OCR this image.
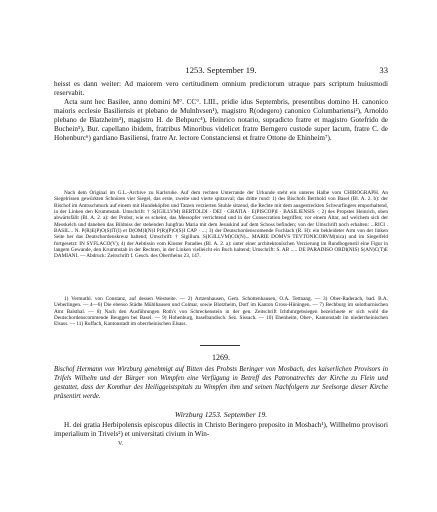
1253. September 19.	33

heisst es dann weiter: Ad maiorem vero certitudinem omnium predictorum utraque pars scriptum huiusmodi reservabit.

Acta sunt hec Basilee, anno domini M°. CC°. LIII., pridie idus Septembris, presentibus domino H. canonico maioris ecclesie Basiliensis et plebano de Mulnhvsen¹), magistro R(odegero) canonico Columbariensi²), Arnoldo plebano de Blatzheim³), magistro H. de Behpurc⁴), Heinrico notario, supradicto fratre et magistro Gotefrido de Buchein⁵), Bur. capellano ibidem, fratribus Minoribus videlicet fratre Berngero custode super lacum, fratre C. de Hohenburc⁶) gardiano Basiliensi, fratre Ar. lectore Constanciensi et fratre Ottone de Ehinheim⁷).

Nach dem Original im G.L.-Archive zu Karlsruhe. Auf dem rechten Unterrande der Urkunde steht ein unteres Halbe vom CHIROGRAPH. An Siegelrissen gewürkten Schnüren vier Siegel, das erste, zweite und vierte spitzoval; das dritte rund: 1) des Bischofs Berthold von Basel (Bl. A. 2. b): der Bischof im Amtsschmuck auf einem mit Hundeköpfen und Tatzen verzierten Stuhle sitzend, die Rechte mit dem ausgestreckten Schwurfingers emporhaltend, in der Linken den Krummstab. Umschrift: † S(IGILLVM) BERTOLDI · DEI · GRATIA · E(PISCOP)I · BASILIENSIS ·; 2) des Propstes Heinrich, oben abwärtsfällt (Bl. A. 2. a): der Probst, wie es scheint, das Messopfer verrichtend und in der Consecration begriffen; vor einem Altar, auf welchem sich der Messkelch und daneben das Bildniss der stehenden Jungfrau Maria mit dem Jesuskind auf dem Schoss befinden; von der Umschrift noch erhalten: ...RICI . BASIL... N. P(R)E(P)O(S)IT(I) et D(OM)I(N)I P(R)(P)O(S)I CAP · ...; 3) der Deutschordenscomende Fuchlach (R. H): ein bekleideter Arm von der linken Seite her das Deutschordenskreuz haltend; Umschrift: † Sigillum. S(IGILLVM)CO(N)... MARIE DOMVS TEVTONICORVM(nica) und im Siegelfeld fortgesetzt: IN SYFLACO(V); 4) der Aebtissin vom Kloster Paradies (Bl. A. 2. a): unter einer architektonischen Verzierung im Rundbogenstil eine Figur in langem Gewande, den Krummstab in der Rechten, in der Linken vielleicht ein Buch haltend; Umschrift: S. AB ..... DE PARADISO ORDI(NIS) S(AN)C(T)E DAMIANI. — Abdruck: Zeitschrift f. Gesch. des Oberrheins 23, 147.

1) Vermuthl. von Constanz, auf dessen Westseite. — 2) Artzenhausen, Gem. Schottenhausen, O.A. Tettnang. — 3) Ober-Raderach, bad. B.A. Ueberlingen. — 4—6) Die ebenso Städte Mühlhausen und Colmar, sowie Blotzheim, Dorf im Kanton Gross-Hüningen. — 7) Bechburg im solothurnischen Amt Balsthal. — 8) Nach den Ausführungen Roth's von Schreckenstein in der gen. Zeitschrift Ichthmrgebsiegen bezeichnete er sich wohl die Deutschordenscommende Beuggen bei Basel. — 9) Hohenburg, baselbandisch. Sez. Sissach. — 10) Ehenheim, Ober-, Kantonstadt im niederrheinischen Elsass. — 11) Ruffach, Kantonstadt im oberrheinischen Elsass.

1269.

Bischof Hermann von Wirzburg genehmigt auf Bitten des Probsts Beringer von Mosbach, des kaiserlichen Provisors in Trifels Wilhelm und der Bürger von Wimpfen eine Verfügung in Betreff des Patronatrechts der Kirche zu Flein und gestattet, dass der Komthur des Heiliggeistspitals zu Wimpfen ihm und seinen Nachfolgern zur Seelsorge dieser Kirche präsentirt werde.

Wirzburg 1253. September 19.

H. dei gratia Herbipolensis episcopus dilectis in Christo Beringero preposito in Mosbach¹), Willhelmo provisori imperialium in Trivels²) et universitati civium in Win-

V.
